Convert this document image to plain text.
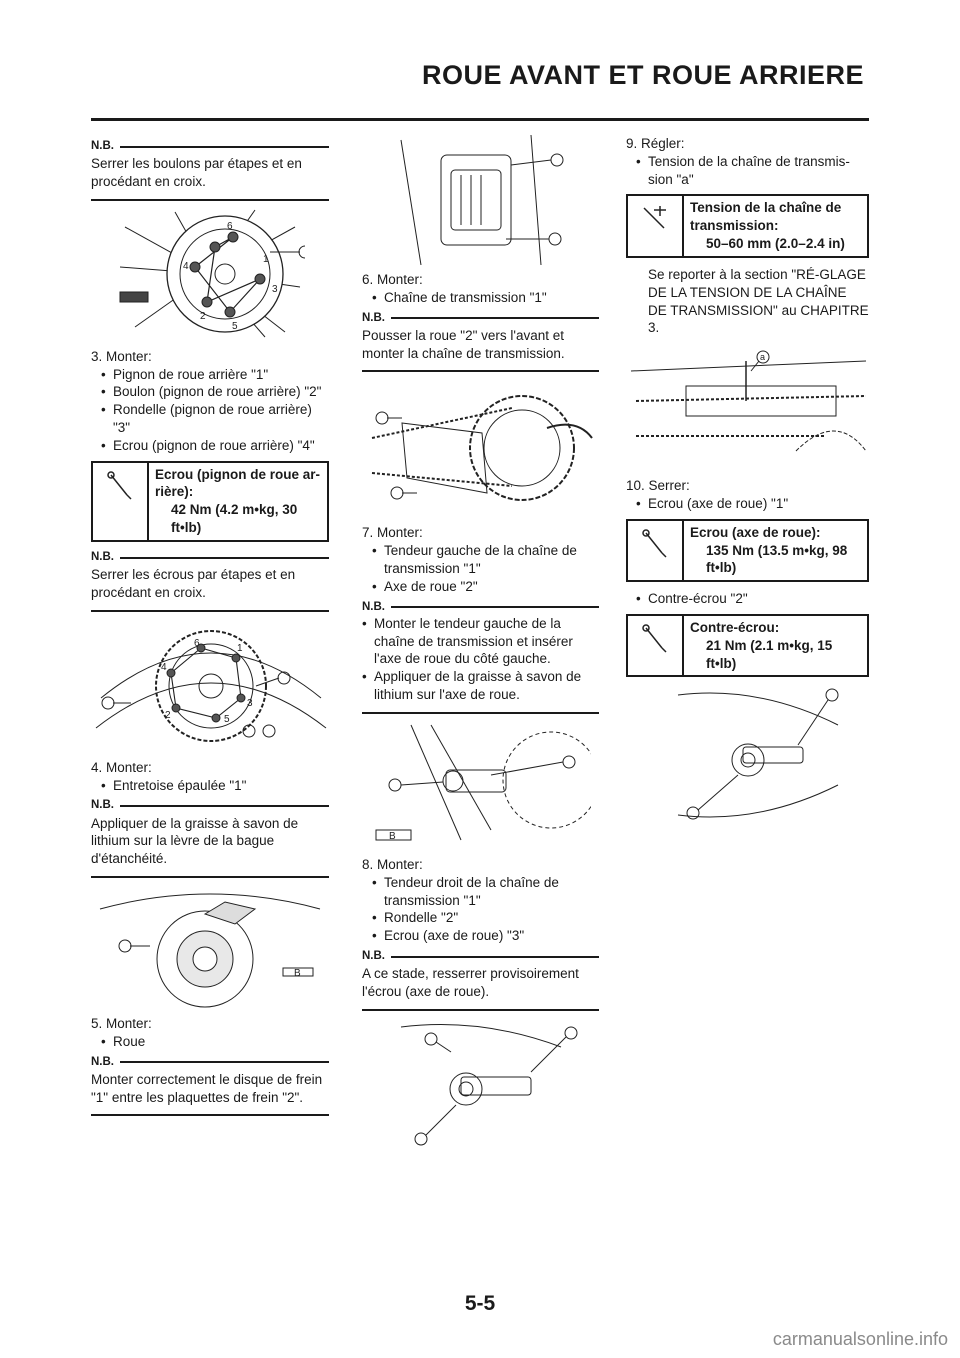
ROUE AVANT ET ROUE ARRIERE
N.B.
Serrer les boulons par étapes et en procédant en croix.
6
1
4
3
2
5
3. Monter:
• Pignon de roue arrière "1"
• Boulon (pignon de roue arrière) "2"
• Rondelle (pignon de roue arrière) "3"
• Ecrou (pignon de roue arrière) "4"
Ecrou (pignon de roue ar-rière):
42 Nm (4.2 m•kg, 30 ft•lb)
N.B.
Serrer les écrous par étapes et en procédant en croix.
6	1
4
2	5
3
4. Monter:
• Entretoise épaulée "1"
N.B.
Appliquer de la graisse à savon de lithium sur la lèvre de la bague d'étanchéité.
B
5. Monter:
• Roue
N.B.
Monter correctement le disque de frein "1" entre les plaquettes de frein "2".
6. Monter:
• Chaîne de transmission "1"
N.B.
Pousser la roue "2" vers l'avant et monter la chaîne de transmission.
7. Monter:
• Tendeur gauche de la chaîne de transmission "1"
• Axe de roue "2"
N.B.
• Monter le tendeur gauche de la chaîne de transmission et insérer l'axe de roue du côté gauche.
• Appliquer de la graisse à savon de lithium sur l'axe de roue.
B
8. Monter:
• Tendeur droit de la chaîne de transmission "1"
• Rondelle "2"
• Ecrou (axe de roue) "3"
N.B.
A ce stade, resserrer provisoirement l'écrou (axe de roue).
9. Régler:
• Tension de la chaîne de transmis-sion "a"
Tension de la chaîne de transmission:
50–60 mm (2.0–2.4 in)
Se reporter à la section "RÉ-GLAGE DE LA TENSION DE LA CHAÎNE DE TRANSMISSION" au CHAPITRE 3.
a
10. Serrer:
• Ecrou (axe de roue) "1"
Ecrou (axe de roue):
135 Nm (13.5 m•kg, 98 ft•lb)
• Contre-écrou "2"
Contre-écrou:
21 Nm (2.1 m•kg, 15 ft•lb)
5-5
carmanualsonline.info
